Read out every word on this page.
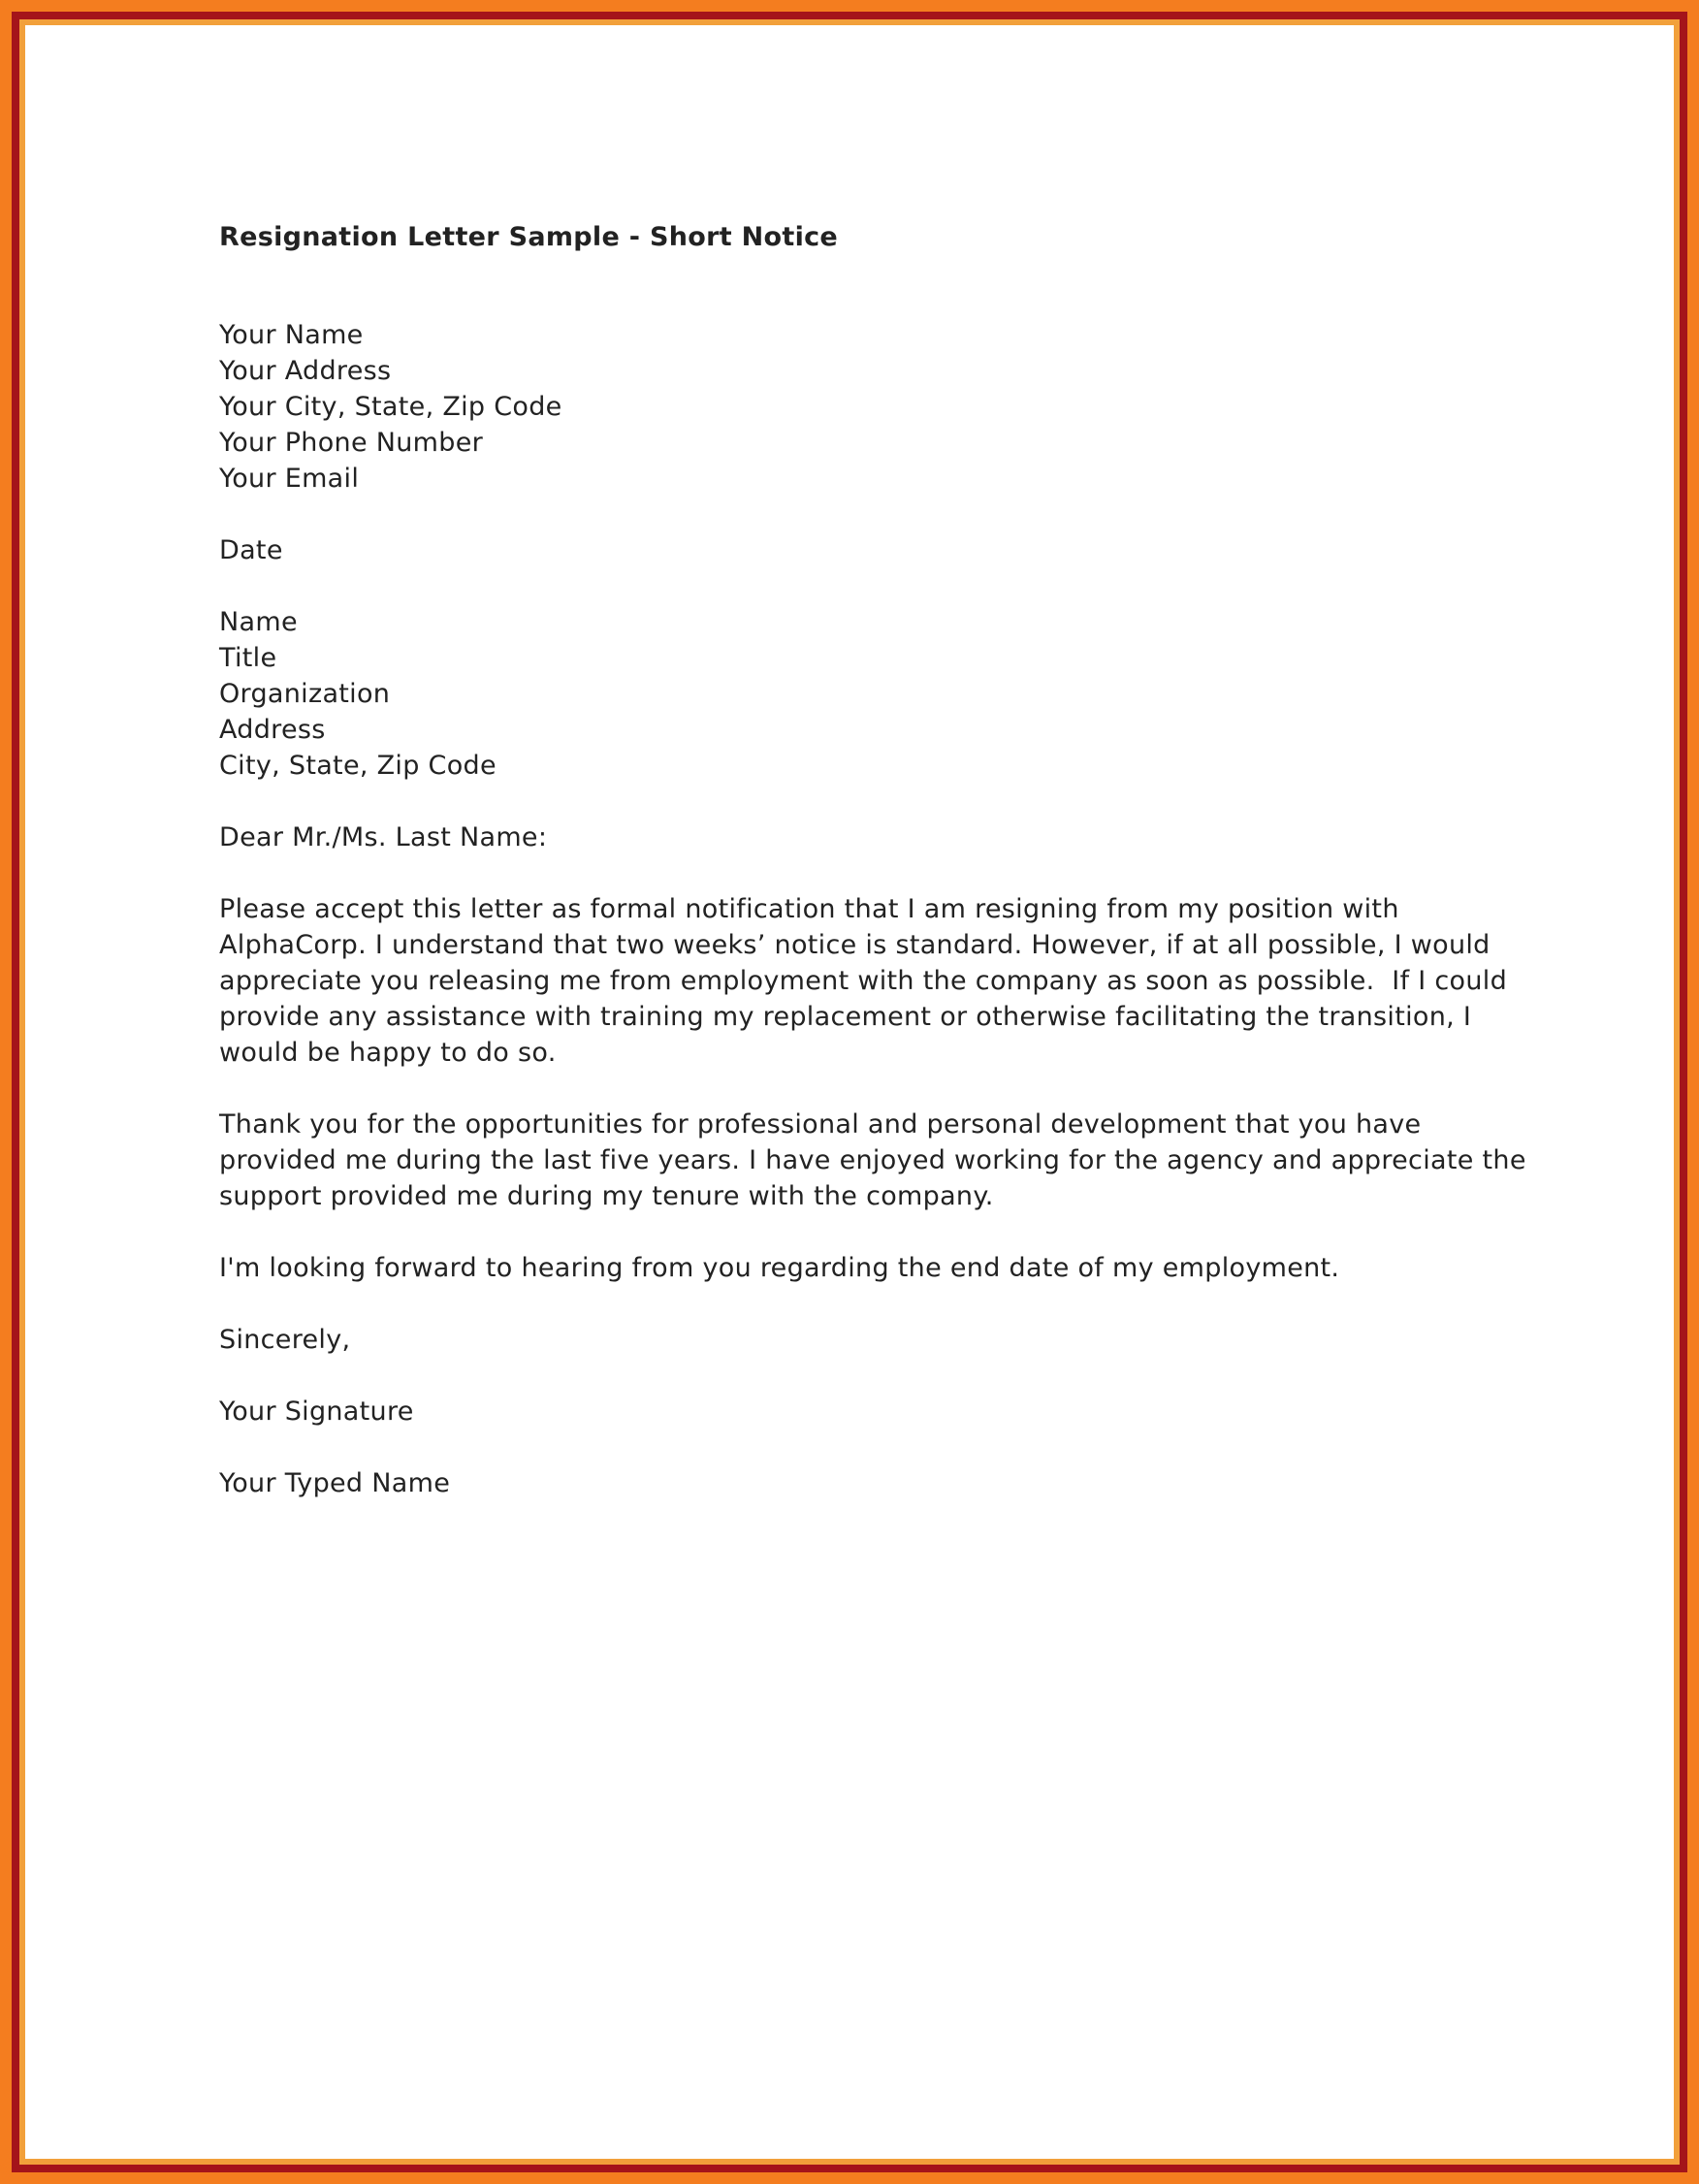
Resignation Letter Sample - Short Notice
Your Name
Your Address
Your City, State, Zip Code
Your Phone Number
Your Email
Date
Name
Title
Organization
Address
City, State, Zip Code
Dear Mr./Ms. Last Name:
Please accept this letter as formal notification that I am resigning from my position with
AlphaCorp. I understand that two weeks’ notice is standard. However, if at all possible, I would
appreciate you releasing me from employment with the company as soon as possible.  If I could
provide any assistance with training my replacement or otherwise facilitating the transition, I
would be happy to do so.
Thank you for the opportunities for professional and personal development that you have
provided me during the last five years. I have enjoyed working for the agency and appreciate the
support provided me during my tenure with the company.
I'm looking forward to hearing from you regarding the end date of my employment.
Sincerely,
Your Signature
Your Typed Name
